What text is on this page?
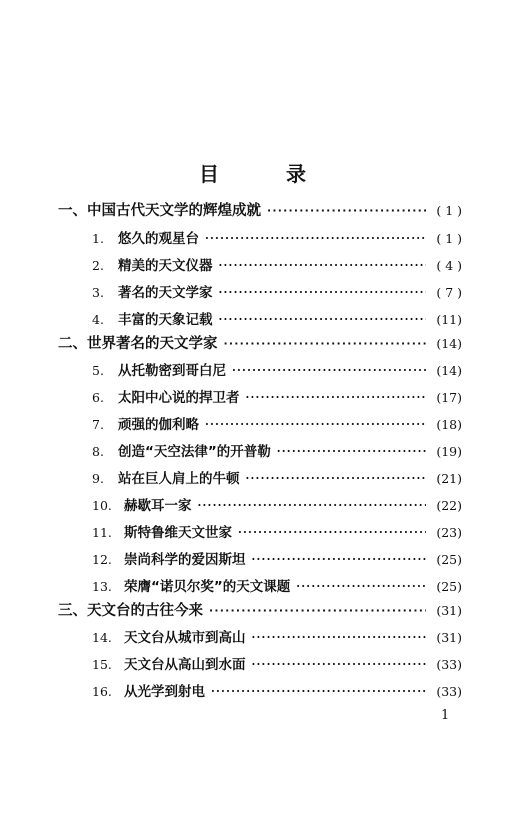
目 录
一、中国古代天文学的辉煌成就 ·····	( 1 )
1.	悠久的观星台 ·····	( 1 )
2.	精美的天文仪器 ·····	( 4 )
3.	著名的天文学家 ·····	( 7 )
4.	丰富的天象记载 ·····	(11)
二、世界著名的天文学家 ·····	(14)
5.	从托勒密到哥白尼 ·····	(14)
6.	太阳中心说的捍卫者 ·····	(17)
7.	顽强的伽利略 ·····	(18)
8.	创造“天空法律”的开普勒 ·····	(19)
9.	站在巨人肩上的牛顿 ·····	(21)
10. 赫歇耳一家 ·····	(22)
11. 斯特鲁维天文世家 ·····	(23)
12. 崇尚科学的爱因斯坦 ·····	(25)
13. 荣膺“诺贝尔奖”的天文课题 ·····	(25)
三、天文台的古往今来 ·····	(31)
14. 天文台从城市到高山 ·····	(31)
15. 天文台从高山到水面 ·····	(33)
16. 从光学到射电 ·····	(33)
1
